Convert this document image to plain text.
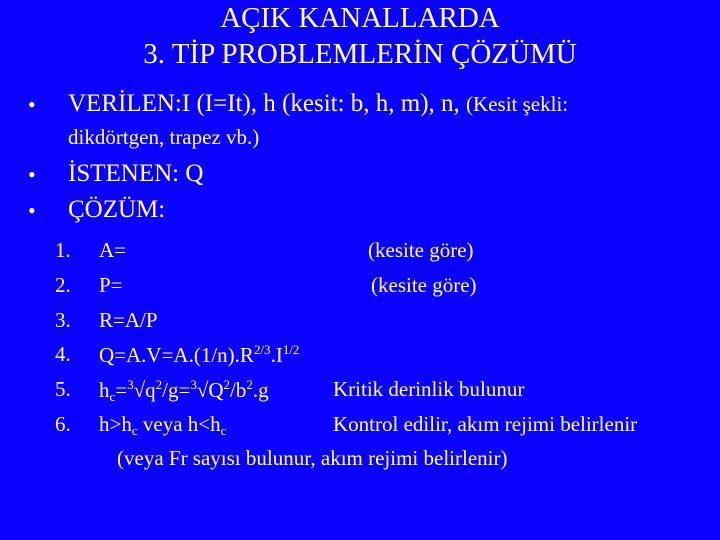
AÇIK KANALLARDA
3. TİP PROBLEMLERİN ÇÖZÜMÜ
• VERİLEN:I (I=It), h (kesit: b, h, m), n, (Kesit şekli:
dikdörtgen, trapez vb.)
• İSTENEN: Q
• ÇÖZÜM:
1.	A=	(kesite göre)
2.	P=	(kesite göre)
3.	R=A/P
4.	$Q=A.V=A.(1/n).R^{2/3}.I^{1/2}$
5.	$h_c=^3√q^2/g=^3√Q^2/b^2.g$	Kritik derinlik bulunur
6.	$h>h_c$ veya $h<h_c$	Kontrol edilir, akım rejimi belirlenir
(veya Fr sayısı bulunur, akım rejimi belirlenir)
